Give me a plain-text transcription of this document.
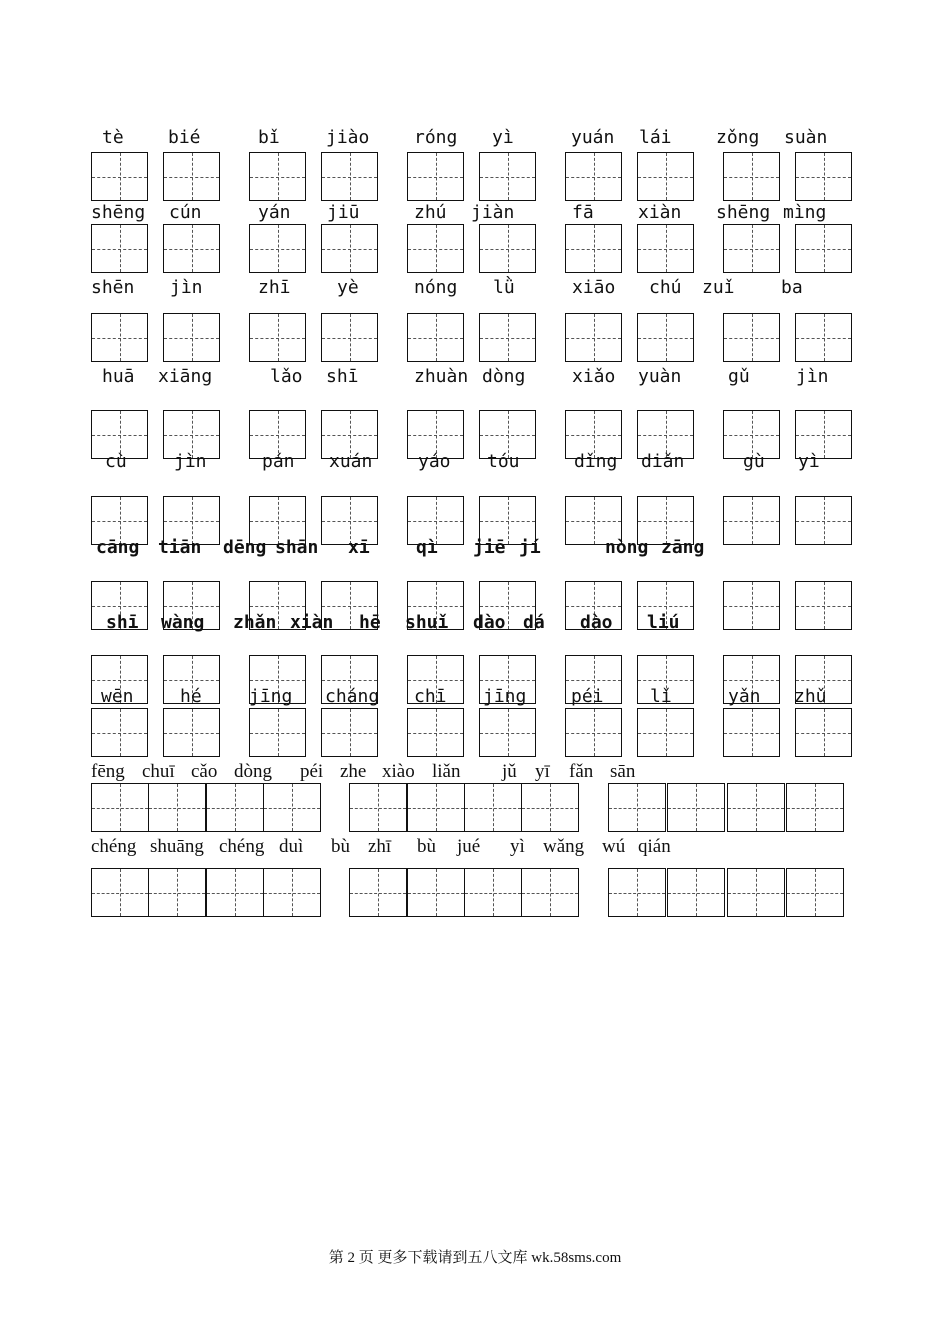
tè bié	bǐ	jiào róng yì	yuán lái zǒng suàn
shēng cún	yán jiū	zhú jiàn	fā xiàn shēng mìng
shēn jìn	zhī	yè	nóng lǜ	xiāo chú zuǐ	ba
huā xiāng	lǎo shī	zhuàn dòng	xiǎo yuàn	gǔ	jìn
cù	jìn	pán xuán	yáo tóu	dǐng diǎn	gù yì
cāng tiān dēng shān xī	qì jiē jí	nòng zāng
shī wàng zhǎn xiàn hē shuǐ dào dá dào liú
wēn	hé	jīng cháng chī jīng péi	lǐ	yǎn zhǔ
fēng chuī cǎo dòng péi zhe xiào liǎn jǔ yī fǎn sān
chéng shuāng chéng duì bù zhī bù jué yì wǎng wú qián
第 2 页 更多下载请到五八文库 wk.58sms.com
